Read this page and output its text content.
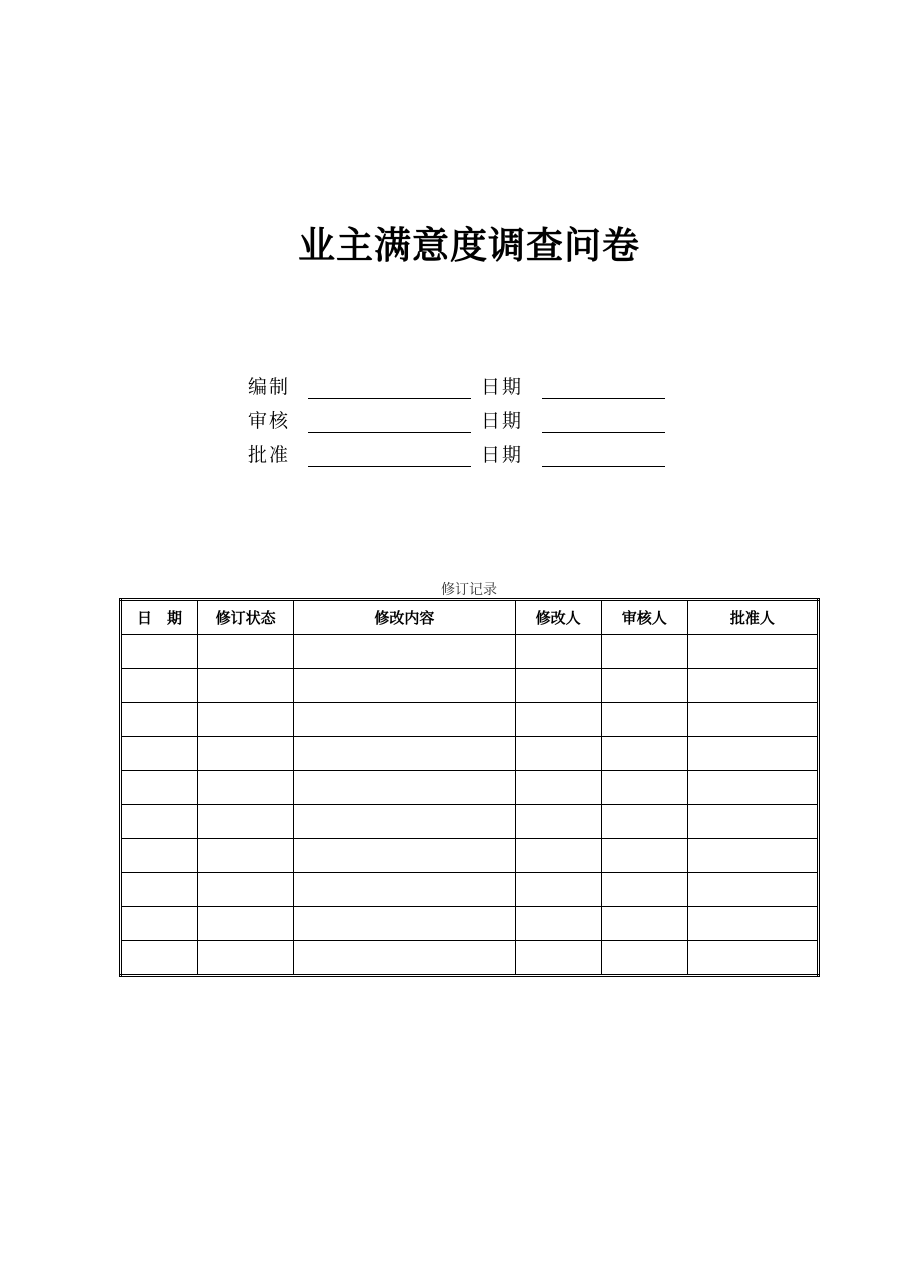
业主满意度调查问卷
编制	日期
审核	日期
批准	日期
修订记录
日　期	修订状态	修改内容	修改人	审核人	批准人
